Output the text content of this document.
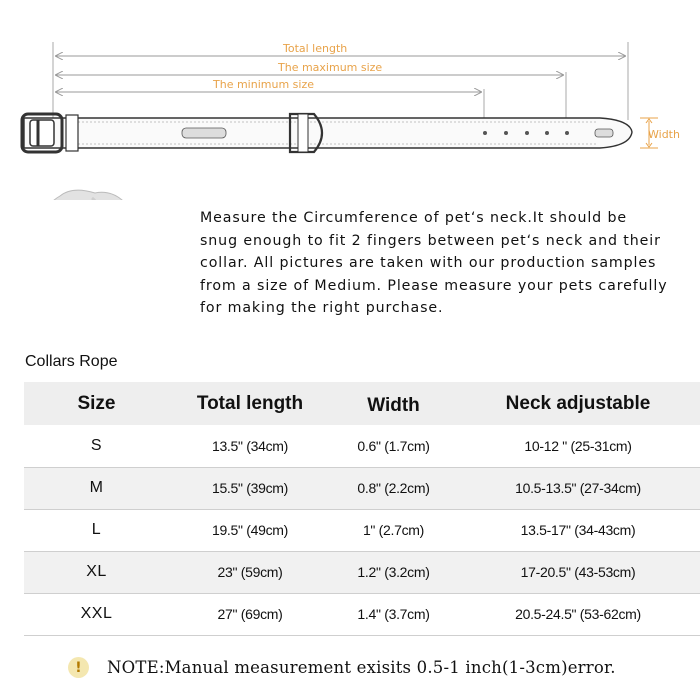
Total length
The maximum size
The minimum size
Width
Measure the Circumference of pet‘s neck.It should be snug enough to fit 2 fingers between pet‘s neck and their collar. All pictures are taken with our production samples from a size of Medium. Please measure your pets carefully for making the right purchase.
Collars Rope
Size	Total length	Width	Neck adjustable
S	13.5" (34cm)	0.6" (1.7cm)	10-12 " (25-31cm)
M	15.5" (39cm)	0.8" (2.2cm)	10.5-13.5" (27-34cm)
L	19.5" (49cm)	1" (2.7cm)	13.5-17" (34-43cm)
XL	23" (59cm)	1.2" (3.2cm)	17-20.5" (43-53cm)
XXL	27" (69cm)	1.4" (3.7cm)	20.5-24.5" (53-62cm)
!	NOTE:Manual measurement exisits 0.5-1 inch(1-3cm)error.
